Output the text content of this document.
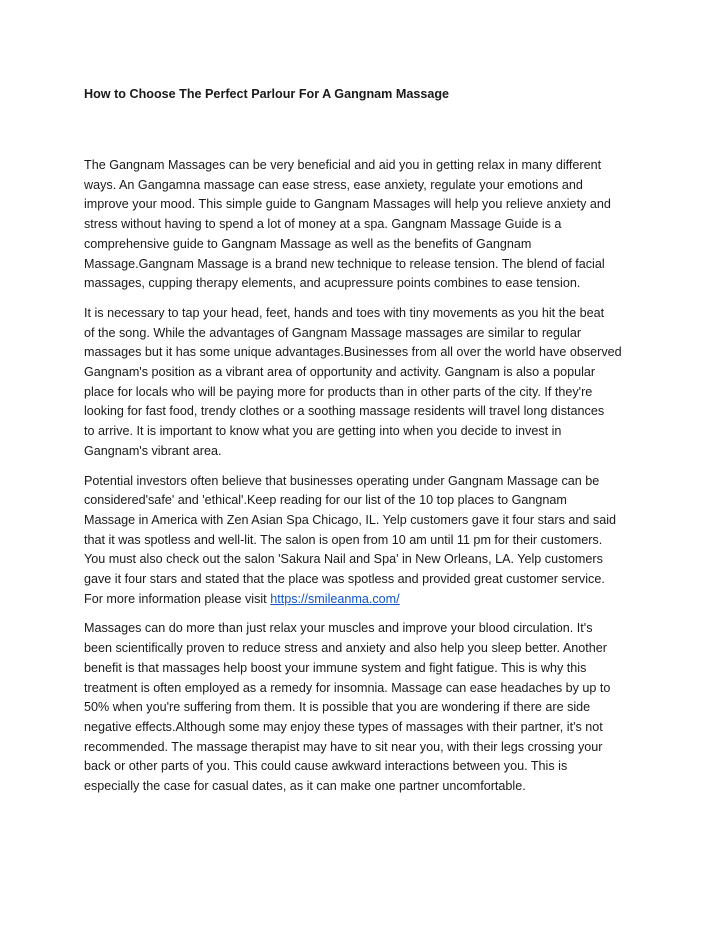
How to Choose The Perfect Parlour For A Gangnam Massage

The Gangnam Massages can be very beneficial and aid you in getting relax in many different
ways. An Gangamna massage can ease stress, ease anxiety, regulate your emotions and
improve your mood. This simple guide to Gangnam Massages will help you relieve anxiety and
stress without having to spend a lot of money at a spa. Gangnam Massage Guide is a
comprehensive guide to Gangnam Massage as well as the benefits of Gangnam
Massage.Gangnam Massage is a brand new technique to release tension. The blend of facial
massages, cupping therapy elements, and acupressure points combines to ease tension.

It is necessary to tap your head, feet, hands and toes with tiny movements as you hit the beat
of the song. While the advantages of Gangnam Massage massages are similar to regular
massages but it has some unique advantages.Businesses from all over the world have observed
Gangnam's position as a vibrant area of opportunity and activity. Gangnam is also a popular
place for locals who will be paying more for products than in other parts of the city. If they're
looking for fast food, trendy clothes or a soothing massage residents will travel long distances
to arrive. It is important to know what you are getting into when you decide to invest in
Gangnam's vibrant area.

Potential investors often believe that businesses operating under Gangnam Massage can be
considered'safe' and 'ethical'.Keep reading for our list of the 10 top places to Gangnam
Massage in America with Zen Asian Spa Chicago, IL. Yelp customers gave it four stars and said
that it was spotless and well-lit. The salon is open from 10 am until 11 pm for their customers.
You must also check out the salon 'Sakura Nail and Spa' in New Orleans, LA. Yelp customers
gave it four stars and stated that the place was spotless and provided great customer service.
For more information please visit https://smileanma.com/

Massages can do more than just relax your muscles and improve your blood circulation. It's
been scientifically proven to reduce stress and anxiety and also help you sleep better. Another
benefit is that massages help boost your immune system and fight fatigue. This is why this
treatment is often employed as a remedy for insomnia. Massage can ease headaches by up to
50% when you're suffering from them. It is possible that you are wondering if there are side
negative effects.Although some may enjoy these types of massages with their partner, it's not
recommended. The massage therapist may have to sit near you, with their legs crossing your
back or other parts of you. This could cause awkward interactions between you. This is
especially the case for casual dates, as it can make one partner uncomfortable.
